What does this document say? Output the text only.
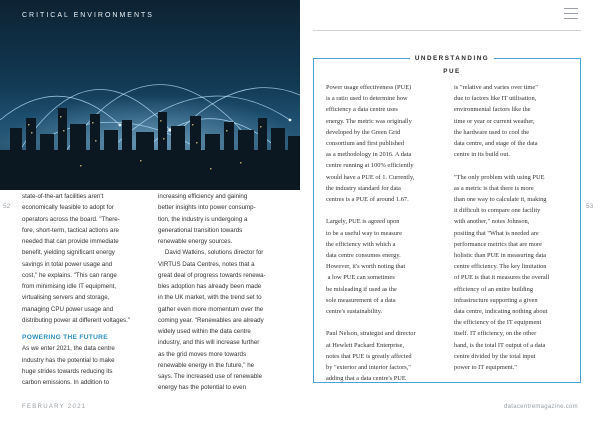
CRITICAL ENVIRONMENTS
52	53
state-of-the-art facilities aren't
economically feasible to adopt for
operators across the board. "There-
fore, short-term, tactical actions are
needed that can provide immediate
benefit, yielding significant energy
savings in total power usage and
cost," he explains. "This can range
from minimising idle IT equipment,
virtualising servers and storage,
managing CPU power usage and
distributing power at different voltages."
POWERING THE FUTURE
As we enter 2021, the data centre
industry has the potential to make
huge strides towards reducing its
carbon emissions. In addition to
increasing efficiency and gaining
better insights into power consump-
tion, the industry is undergoing a
generational transition towards
renewable energy sources.
David Watkins, solutions director for
VIRTUS Data Centres, notes that a
great deal of progress towards renewa-
bles adoption has already been made
in the UK market, with the trend set to
gather even more momentum over the
coming year. "Renewables are already
widely used within the data centre
industry, and this will increase further
as the grid moves more towards
renewable energy in the future," he
says. The increased use of renewable
energy has the potential to even
UNDERSTANDING PUE
Power usage effectiveness (PUE)
is a ratio used to determine how
efficiency a data centre uses
energy. The metric was originally
developed by the Green Grid
consortium and first published
as a methodology in 2016. A data
centre running at 100% efficiently
would have a PUE of 1. Currently,
the industry standard for data
centres is a PUE of around 1.67.
Largely, PUE is agreed upon
to be a useful way to measure
the efficiency with which a
data centre consumes energy.
However, it's worth noting that
a low PUE can sometimes
be misleading if used as the
sole measurement of a data
centre's sustainability.
Paul Nelson, strategist and director
at Hewlett Packard Enterprise,
notes that PUE is greatly affected
by "exterior and interior factors,"
adding that a data centre's PUE
is "relative and varies over time"
due to factors like IT utilisation,
environmental factors like the
time or year or current weather,
the hardware used to cool the
data centre, and stage of the data
centre in its build out.
"The only problem with using PUE
as a metric is that there is more
than one way to calculate it, making
it difficult to compare one facility
with another," notes Johnson,
positing that "What is needed are
performance metrics that are more
holistic than PUE in measuring data
centre efficiency. The key limitation
of PUE is that it measures the overall
efficiency of an entire building
infrastructure supporting a given
data centre, indicating nothing about
the efficiency of the IT equipment
itself. IT efficiency, on the other
hand, is the total IT output of a data
centre divided by the total input
power to IT equipment."
FEBRUARY 2021	datacentremagazine.com
